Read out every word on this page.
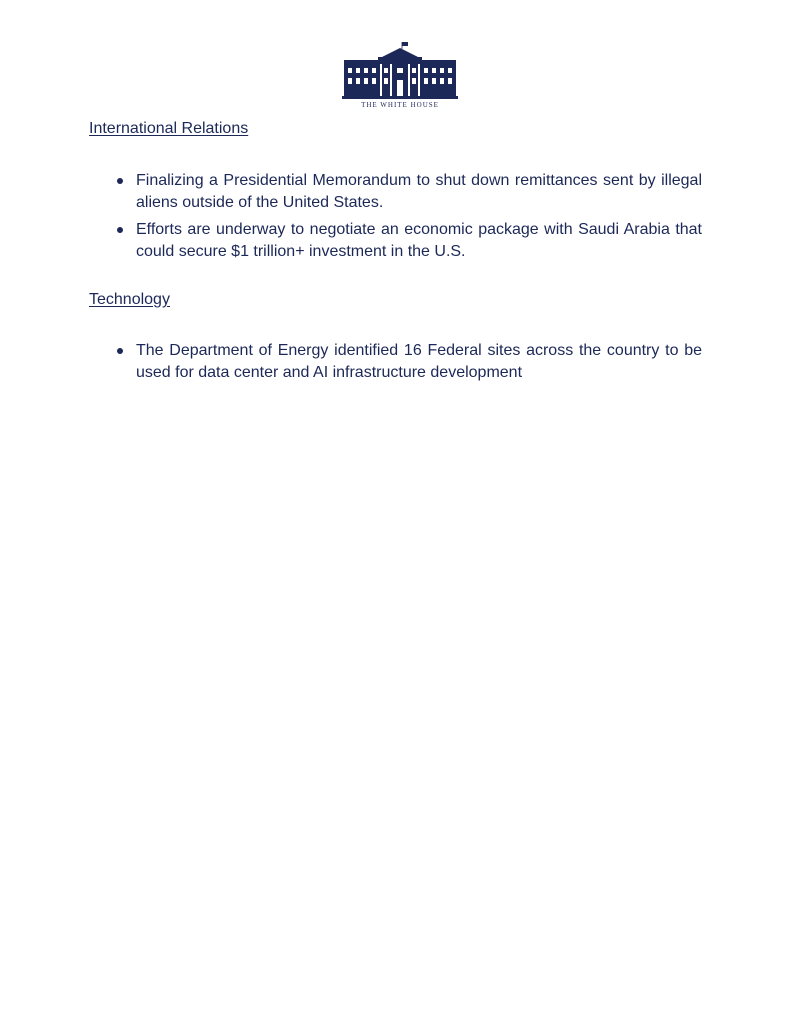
THE WHITE HOUSE
International Relations
Finalizing a Presidential Memorandum to shut down remittances sent by illegal aliens outside of the United States.
Efforts are underway to negotiate an economic package with Saudi Arabia that could secure $1 trillion+ investment in the U.S.
Technology
The Department of Energy identified 16 Federal sites across the country to be used for data center and AI infrastructure development
